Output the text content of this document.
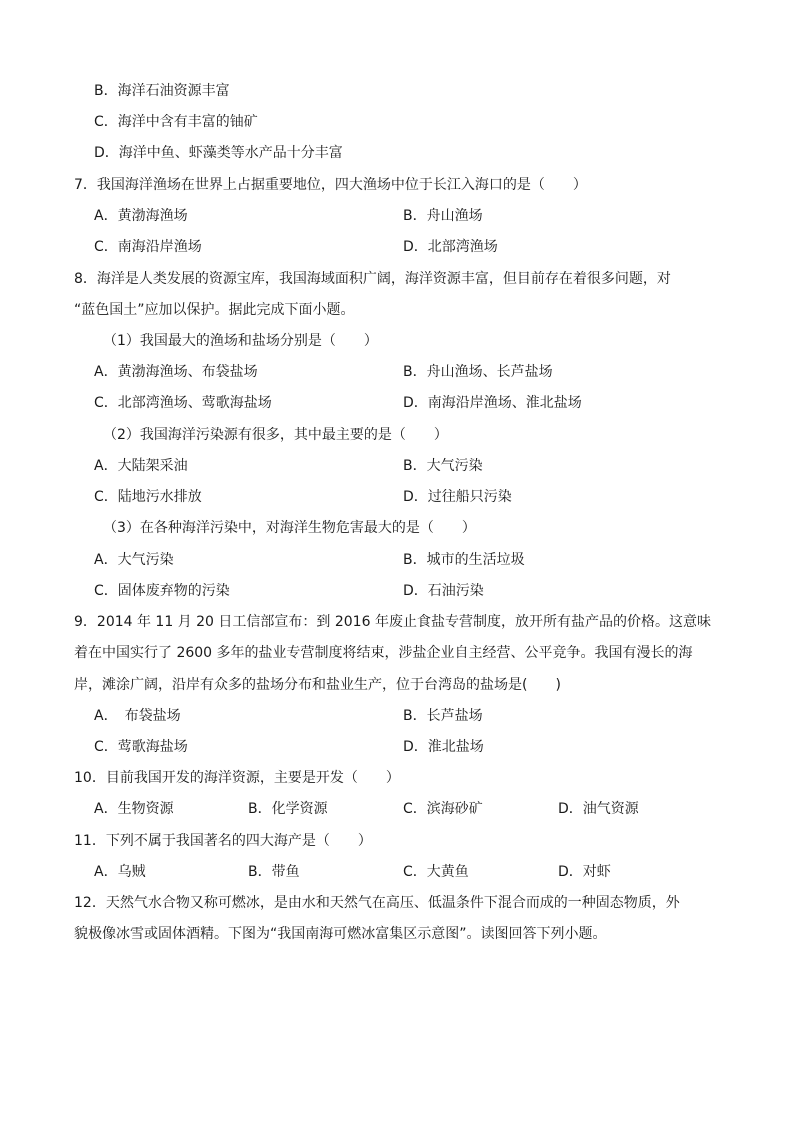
B．海洋石油资源丰富
C．海洋中含有丰富的铀矿
D．海洋中鱼、虾藻类等水产品十分丰富
7．我国海洋渔场在世界上占据重要地位，四大渔场中位于长江入海口的是（　　）
A．黄渤海渔场	B．舟山渔场
C．南海沿岸渔场	D．北部湾渔场
8．海洋是人类发展的资源宝库，我国海域面积广阔，海洋资源丰富，但目前存在着很多问题，对
“蓝色国土”应加以保护。据此完成下面小题。
（1）我国最大的渔场和盐场分别是（　　）
A．黄渤海渔场、布袋盐场	B．舟山渔场、长芦盐场
C．北部湾渔场、莺歌海盐场	D．南海沿岸渔场、淮北盐场
（2）我国海洋污染源有很多，其中最主要的是（　　）
A．大陆架采油	B．大气污染
C．陆地污水排放	D．过往船只污染
（3）在各种海洋污染中，对海洋生物危害最大的是（　　）
A．大气污染	B．城市的生活垃圾
C．固体废弃物的污染	D．石油污染
9．2014 年 11 月 20 日工信部宣布：到 2016 年废止食盐专营制度，放开所有盐产品的价格。这意味
着在中国实行了 2600 多年的盐业专营制度将结束，涉盐企业自主经营、公平竞争。我国有漫长的海
岸，滩涂广阔，沿岸有众多的盐场分布和盐业生产，位于台湾岛的盐场是(　　)
A．　布袋盐场	B．长芦盐场
C．莺歌海盐场	D．淮北盐场
10．目前我国开发的海洋资源，主要是开发（　　）
A．生物资源	B．化学资源	C．滨海砂矿	D．油气资源
11．下列不属于我国著名的四大海产是（　　）
A．乌贼	B．带鱼	C．大黄鱼	D．对虾
12．天然气水合物又称可燃冰，是由水和天然气在高压、低温条件下混合而成的一种固态物质，外
貌极像冰雪或固体酒精。下图为“我国南海可燃冰富集区示意图”。读图回答下列小题。
